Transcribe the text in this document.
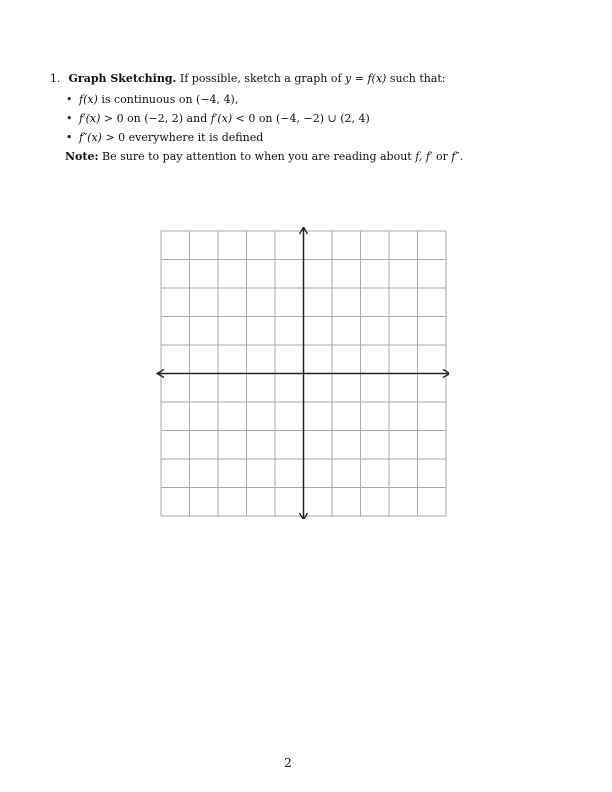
1. Graph Sketching. If possible, sketch a graph of y = f(x) such that:
• f(x) is continuous on (−4, 4),
• f′(x) > 0 on (−2, 2) and f′(x) < 0 on (−4, −2) ∪ (2, 4)
• f″(x) > 0 everywhere it is defined
Note: Be sure to pay attention to when you are reading about f, f′ or f″.
2
